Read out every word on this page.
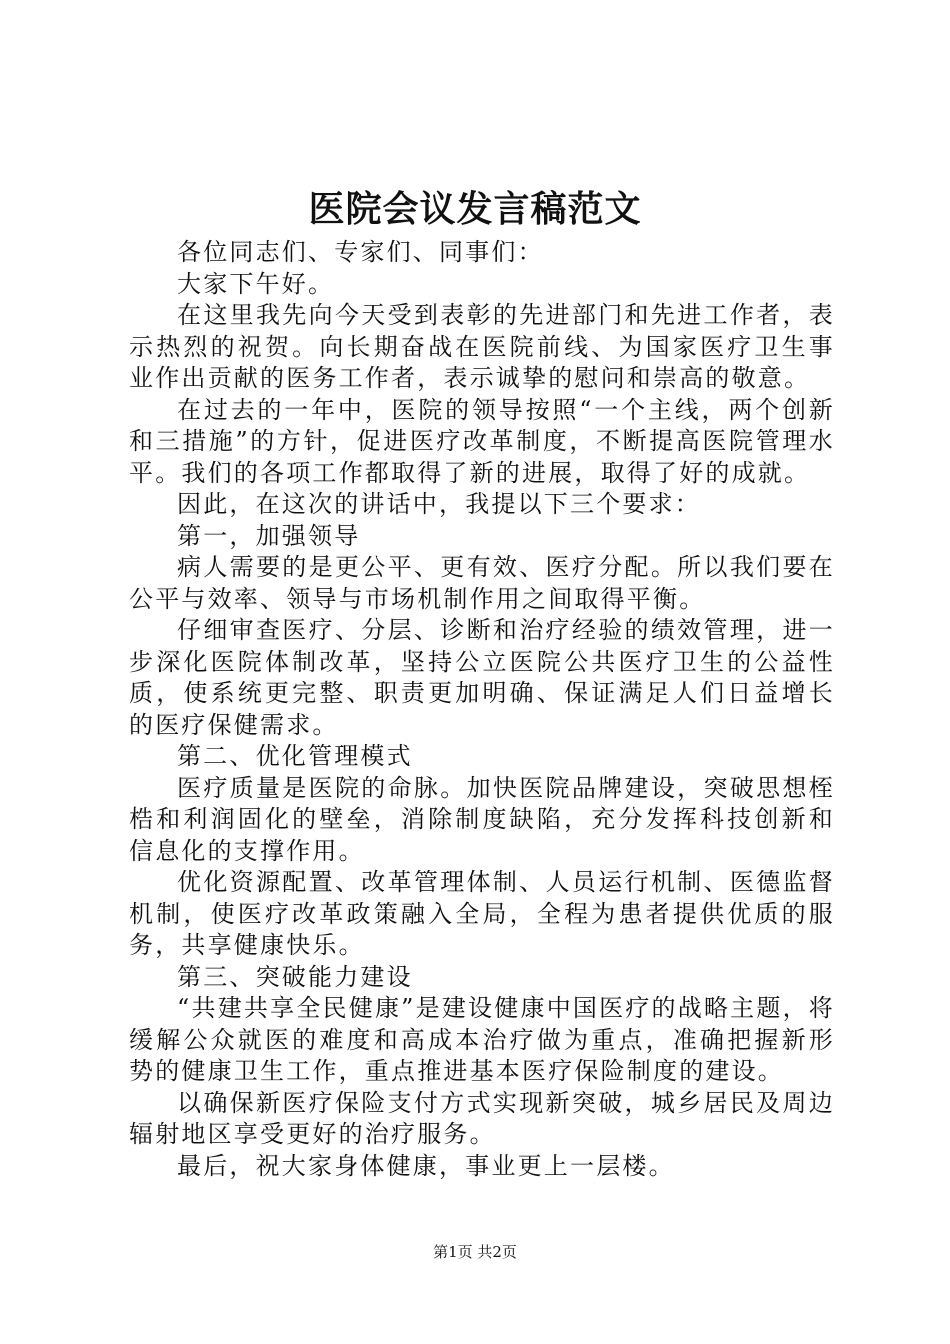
医院会议发言稿范文

各位同志们、专家们、同事们：

大家下午好。

在这里我先向今天受到表彰的先进部门和先进工作者，表示热烈的祝贺。向长期奋战在医院前线、为国家医疗卫生事业作出贡献的医务工作者，表示诚挚的慰问和崇高的敬意。

在过去的一年中，医院的领导按照“一个主线，两个创新和三措施”的方针，促进医疗改革制度，不断提高医院管理水平。我们的各项工作都取得了新的进展，取得了好的成就。

因此，在这次的讲话中，我提以下三个要求：

第一，加强领导

病人需要的是更公平、更有效、医疗分配。所以我们要在公平与效率、领导与市场机制作用之间取得平衡。

仔细审查医疗、分层、诊断和治疗经验的绩效管理，进一步深化医院体制改革，坚持公立医院公共医疗卫生的公益性质，使系统更完整、职责更加明确、保证满足人们日益增长的医疗保健需求。

第二、优化管理模式

医疗质量是医院的命脉。加快医院品牌建设，突破思想桎梏和利润固化的壁垒，消除制度缺陷，充分发挥科技创新和信息化的支撑作用。

优化资源配置、改革管理体制、人员运行机制、医德监督机制，使医疗改革政策融入全局，全程为患者提供优质的服务，共享健康快乐。

第三、突破能力建设

“共建共享全民健康”是建设健康中国医疗的战略主题，将缓解公众就医的难度和高成本治疗做为重点，准确把握新形势的健康卫生工作，重点推进基本医疗保险制度的建设。

以确保新医疗保险支付方式实现新突破，城乡居民及周边辐射地区享受更好的治疗服务。

最后，祝大家身体健康，事业更上一层楼。

第1页 共2页
